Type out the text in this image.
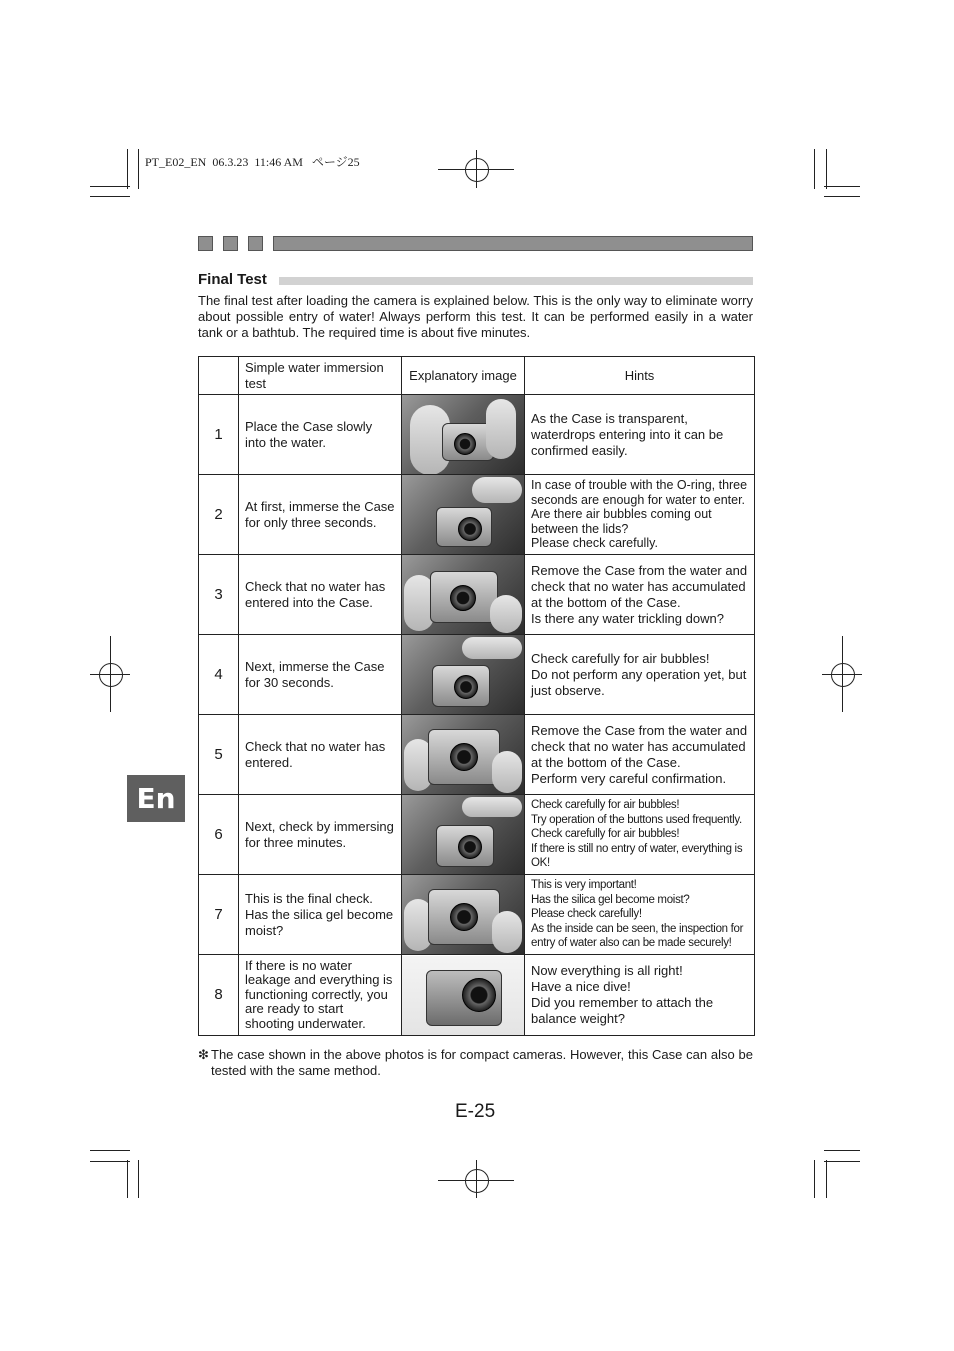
PT_E02_EN 06.3.23 11:46 AM ページ25
Final Test

The final test after loading the camera is explained below. This is the only way to eliminate worry about possible entry of water! Always perform this test. It can be performed easily in a water tank or a bathtub. The required time is about five minutes.

	Simple water immersion test	Explanatory image	Hints
1	Place the Case slowly into the water.		As the Case is transparent, waterdrops entering into it can be confirmed easily.

2	At first, immerse the Case for only three seconds.		In case of trouble with the O-ring, three seconds are enough for water to enter. Are there air bubbles coming out between the lids?
Please check carefully.

3	Check that no water has entered into the Case.		Remove the Case from the water and check that no water has accumulated at the bottom of the Case.
Is there any water trickling down?

4	Next, immerse the Case for 30 seconds.		Check carefully for air bubbles!
Do not perform any operation yet, but just observe.

5	Check that no water has entered.		Remove the Case from the water and check that no water has accumulated at the bottom of the Case.
Perform very careful confirmation.

6	Next, check by immersing for three minutes.		Check carefully for air bubbles!
Try operation of the buttons used frequently.
Check carefully for air bubbles!
If there is still no entry of water, everything is OK!

7	This is the final check. Has the silica gel become moist?		This is very important!
Has the silica gel become moist?
Please check carefully!
As the inside can be seen, the inspection for entry of water also can be made securely!

8	If there is no water leakage and everything is functioning correctly, you are ready to start shooting underwater.		Now everything is all right!
Have a nice dive!
Did you remember to attach the balance weight?
❇ The case shown in the above photos is for compact cameras. However, this Case can also be tested with the same method.
E-25
En
